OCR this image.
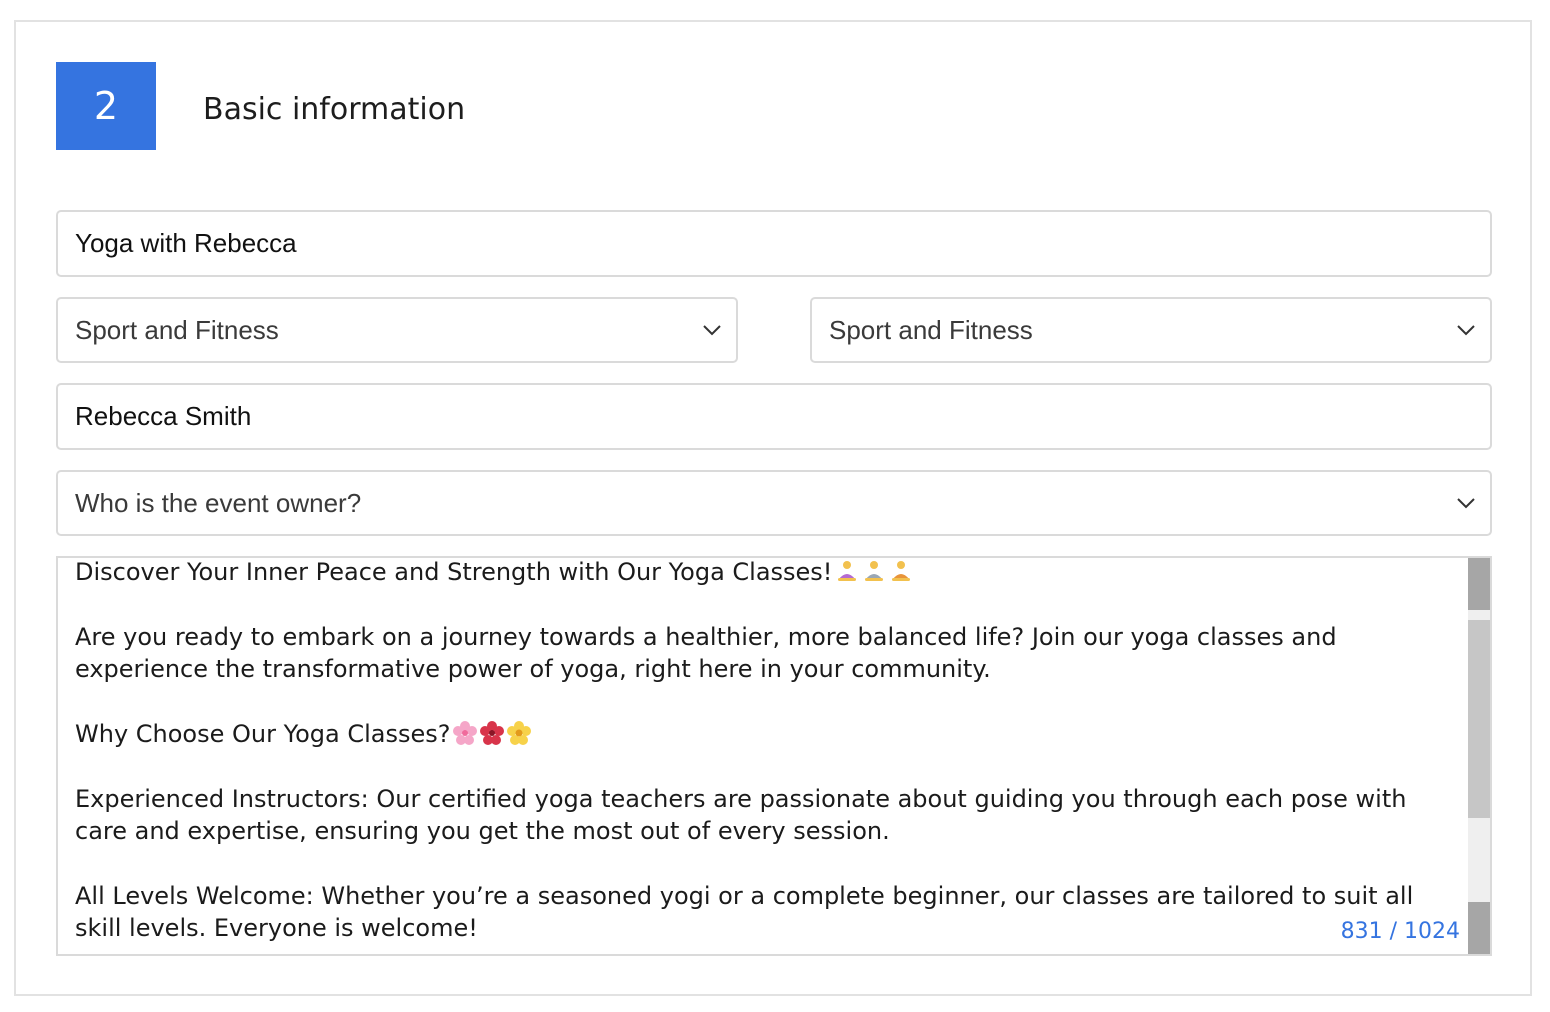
2	Basic information
Yoga with Rebecca
Sport and Fitness	Sport and Fitness
Rebecca Smith
Who is the event owner?

Discover Your Inner Peace and Strength with Our Yoga Classes!

Are you ready to embark on a journey towards a healthier, more balanced life? Join our yoga classes and experience the transformative power of yoga, right here in your community.

Why Choose Our Yoga Classes?

Experienced Instructors: Our certified yoga teachers are passionate about guiding you through each pose with care and expertise, ensuring you get the most out of every session.

All Levels Welcome: Whether you’re a seasoned yogi or a complete beginner, our classes are tailored to suit all skill levels. Everyone is welcome!	831 / 1024
